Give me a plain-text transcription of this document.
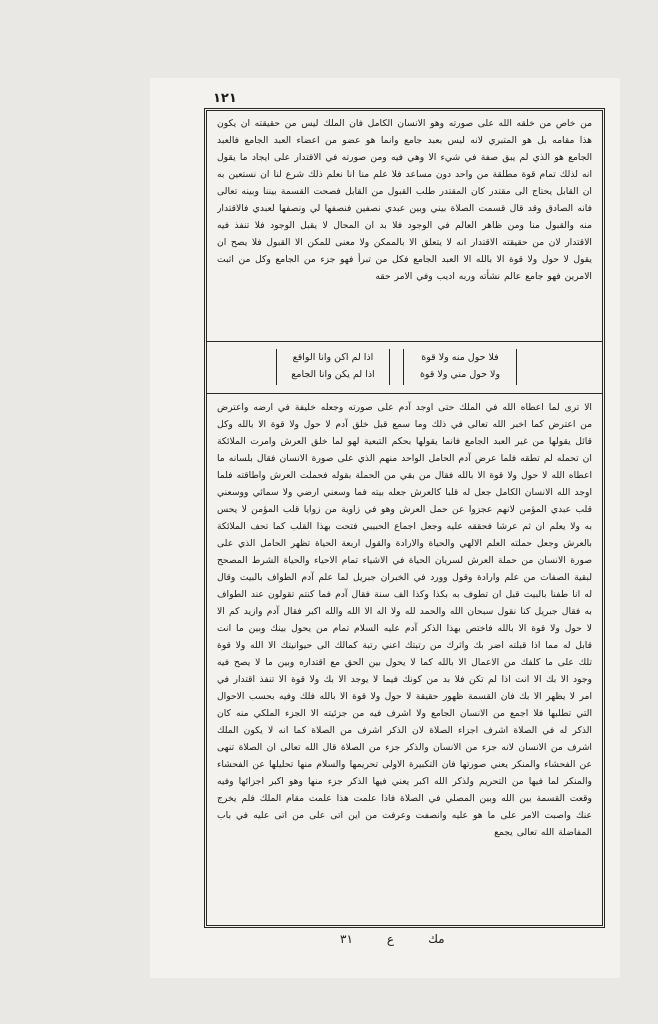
١٢١
من خاص من خلقه الله على صورته وهو الانسان الكامل فان الملك ليس من حقيقته ان يكون هذا مقامه بل هو المتبري لانه ليس بعبد جامع وانما هو عضو من اعضاء العبد الجامع فالعبد الجامع هو الذي لم يبق صفة في شيء الا وهي فيه ومن صورته في الاقتدار على ايجاد ما يقول انه لذلك تمام قوة مطلقة من واحد دون مساعد فلا علم منا انا نعلم ذلك شرع لنا ان نستعين به ان القابل يحتاج الى مقتدر كان المقتدر طلب القبول من القابل فصحت القسمة بيننا وبينه تعالى فانه الصادق وقد قال قسمت الصلاة بيني وبين عبدي نصفين فنصفها لي ونصفها لعبدي فالاقتدار منه والقبول منا ومن ظاهر العالم في الوجود فلا بد ان المحال لا يقبل الوجود فلا تنفذ فيه الاقتدار لان من حقيقته الاقتدار انه لا يتعلق الا بالممكن ولا معنى للمكن الا القبول فلا يصح ان يقول لا حول ولا قوة الا بالله الا العبد الجامع فكل من تبرأ فهو جزء من الجامع وكل من اثبت الامرين فهو جامع عالم نشأته وربه اديب وفي الامر حقه
فلا حول منه ولا قوة
ولا حول مني ولا قوة
اذا لم اكن وانا الواقع
اذا لم يكن وانا الجامع
الا ترى لما اعطاه الله في الملك حتى اوجد آدم على صورته وجعله خليفة في ارضه واعترض من اعترض كما اخبر الله تعالى في ذلك وما سمع قبل خلق آدم لا حول ولا قوة الا بالله وكل قائل يقولها من غير العبد الجامع فانما يقولها بحكم التبعية لهو لما خلق العرش وامرت الملائكة ان تحمله لم تطقه فلما عرض آدم الحامل الواحد منهم الذي على صورة الانسان فقال بلسانه ما اعطاه الله لا حول ولا قوة الا بالله فقال من بقي من الحملة بقوله فحملت العرش واطاقته فلما اوجد الله الانسان الكامل جعل له قلبا كالعرش جعله بيته فما وسعني ارضي ولا سمائي ووسعني قلب عبدي المؤمن لانهم عجزوا عن حمل العرش وهو في زاوية من زوايا قلب المؤمن لا يحس به ولا يعلم ان ثم عرشا فحققه عليه وجعل اجماع الحبيبي فتحت بهذا القلب كما تحف الملائكة بالعرش وجعل حملته العلم الالهي والحياة والارادة والقول اربعة الحياة تظهر الحامل الذي على صورة الانسان من حملة العرش لسريان الحياة في الاشياء تمام الاحياء والحياة الشرط المصحح لبقية الصفات من علم وارادة وقول وورد في الخبران جبريل لما علم آدم الطواف بالبيت وقال له انا طفنا بالبيت قبل ان تطوف به بكذا وكذا الف سنة فقال آدم فما كنتم تقولون عند الطواف به فقال جبريل كنا نقول سبحان الله والحمد لله ولا اله الا الله والله اكبر فقال آدم وازيد كم الا لا حول ولا قوة الا بالله فاختص بهذا الذكر آدم عليه السلام تمام من يحول بينك وبين ما انت قابل له مما اذا قبلته اضر بك واثرك من رتبتك اعني رتبة كمالك الى حيوانيتك الا الله ولا قوة تلك على ما كلفك من الاعمال الا بالله كما لا يحول بين الحق مع اقتداره وبين ما لا يصح فيه وجود الا بك الا انت اذا لم تكن فلا بد من كونك فيما لا يوجد الا بك ولا قوة الا تنفذ اقتدار في امر لا يظهر الا بك فان القسمة ظهور حقيقة لا حول ولا قوة الا بالله فلك وفيه بحسب الاحوال التي تطلبها فلا اجمع من الانسان الجامع ولا اشرف فيه من جزئيته الا الجزء الملكي منه كان الذكر له في الصلاة اشرف اجزاء الصلاة لان الذكر اشرف من الصلاة كما انه لا يكون الملك اشرف من الانسان لانه جزء من الانسان والذكر جزء من الصلاة قال الله تعالى ان الصلاة تنهى عن الفحشاء والمنكر يعني صورتها فان التكبيرة الاولى تحريمها والسلام منها تحليلها عن الفحشاء والمنكر لما فيها من التحريم ولذكر الله اكبر يعني فيها الذكر جزء منها وهو اكبر اجزائها وفيه وقعت القسمة بين الله وبين المصلي في الصلاة فاذا علمت هذا علمت مقام الملك فلم يخرج عنك واصبت الامر على ما هو عليه وانصفت وعرفت من اين اتى على من اتى عليه في باب المفاضلة الله تعالى يجمع
مك
ع
٣١
